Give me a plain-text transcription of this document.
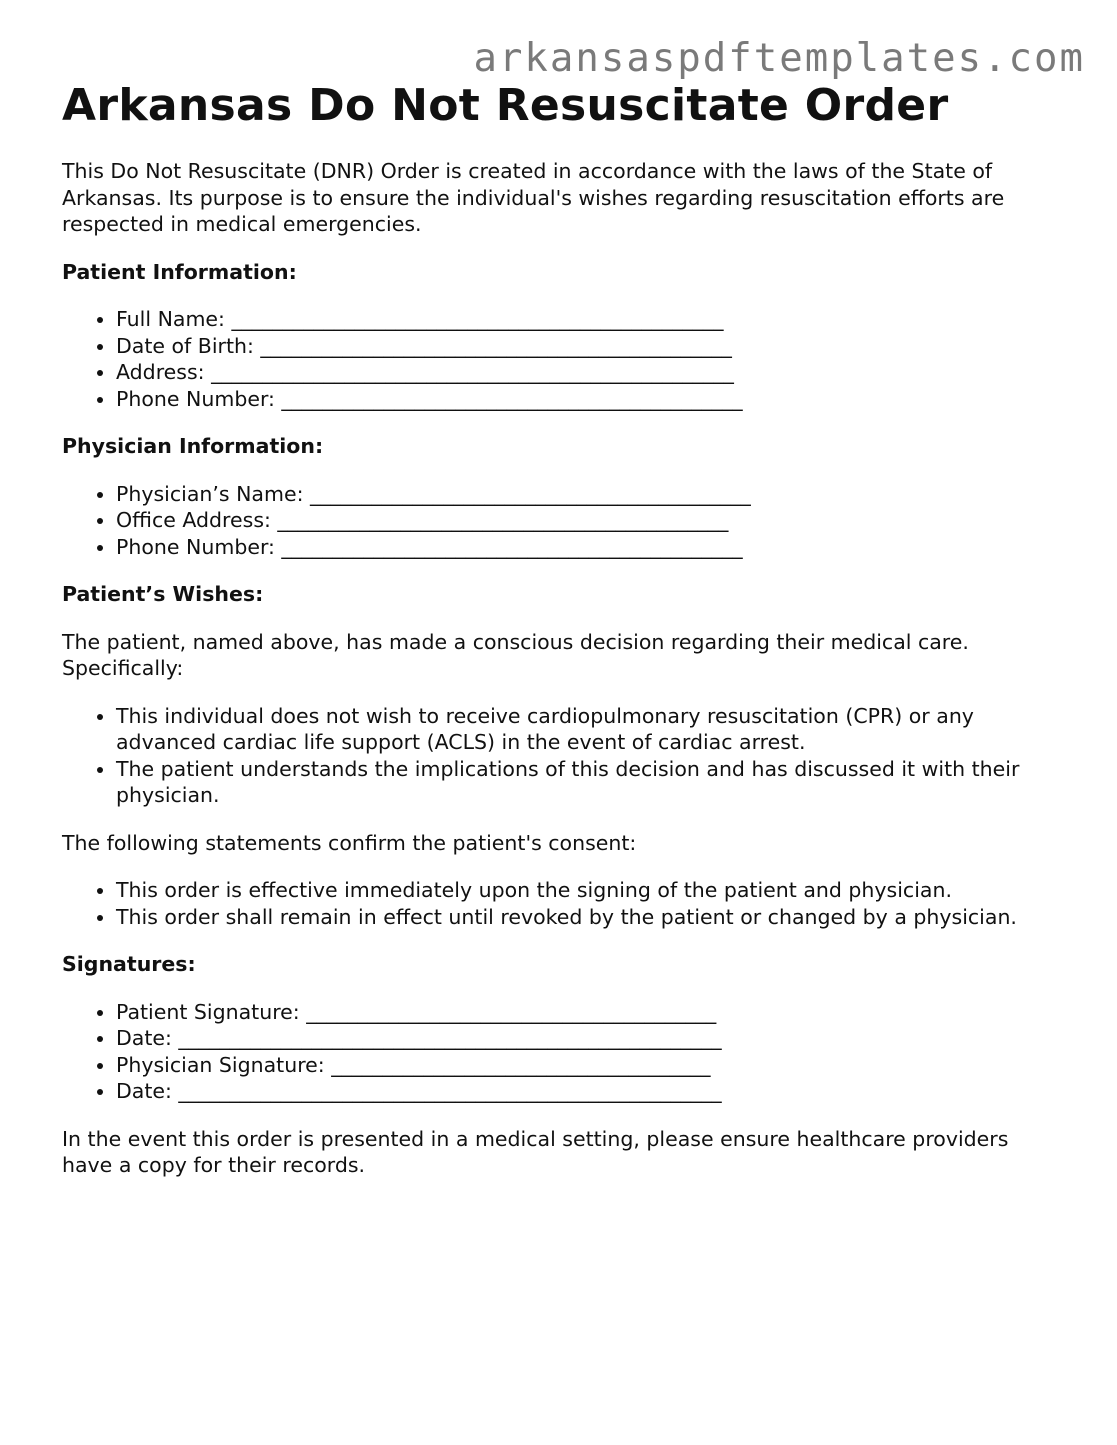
arkansaspdftemplates.com
Arkansas Do Not Resuscitate Order

This Do Not Resuscitate (DNR) Order is created in accordance with the laws of the State of Arkansas. Its purpose is to ensure the individual's wishes regarding resuscitation efforts are respected in medical emergencies.

Patient Information:
• Full Name: ________________________________________________
• Date of Birth: ______________________________________________
• Address: ___________________________________________________
• Phone Number: _____________________________________________
Physician Information:
• Physician’s Name: ___________________________________________
• Office Address: ____________________________________________
• Phone Number: _____________________________________________
Patient’s Wishes:

The patient, named above, has made a conscious decision regarding their medical care. Specifically:

• This individual does not wish to receive cardiopulmonary resuscitation (CPR) or any advanced cardiac life support (ACLS) in the event of cardiac arrest.
• The patient understands the implications of this decision and has discussed it with their physician.

The following statements confirm the patient's consent:

• This order is effective immediately upon the signing of the patient and physician.
• This order shall remain in effect until revoked by the patient or changed by a physician.
Signatures:
• Patient Signature: ________________________________________
• Date: _____________________________________________________
• Physician Signature: _____________________________________
• Date: _____________________________________________________

In the event this order is presented in a medical setting, please ensure healthcare providers have a copy for their records.
